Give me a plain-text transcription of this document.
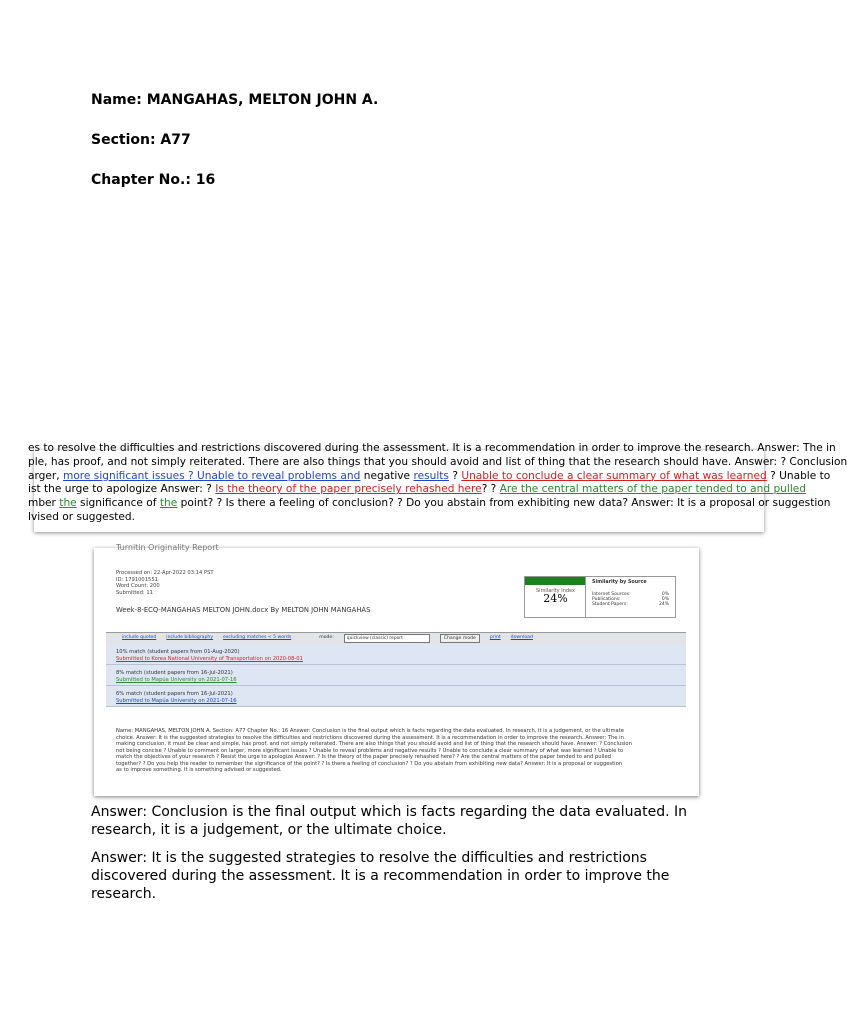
Name: MANGAHAS, MELTON JOHN A.

Section: A77

Chapter No.: 16

es to resolve the difficulties and restrictions discovered during the assessment. It is a recommendation in order to improve the research. Answer: The in
ple, has proof, and not simply reiterated. There are also things that you should avoid and list of thing that the research should have. Answer: ? Conclusion
arger, more significant issues ? Unable to reveal problems and negative results ? Unable to conclude a clear summary of what was learned ? Unable to
ist the urge to apologize Answer: ? Is the theory of the paper precisely rehashed here? ? Are the central matters of the paper tended to and pulled
mber the significance of the point? ? Is there a feeling of conclusion? ? Do you abstain from exhibiting new data? Answer: It is a proposal or suggestion
lvised or suggested.
Turnitin Originality Report
Processed on: 22-Apr-2022 03:14 PST
ID: 1791001551
Word Count: 200
Submitted: 11
Week-8-ECQ-MANGAHAS MELTON JOHN.docx By MELTON JOHN MANGAHAS
Similarity Index
24%
Similarity by Source
Internet Sources:	0%
Publications:	0%
Student Papers:	24%
include quoted include bibliography excluding matches < 5 words	mode:	quickview (classic) report	Change mode	print download
10% match (student papers from 01-Aug-2020)
Submitted to Korea National University of Transportation on 2020-08-01
8% match (student papers from 16-Jul-2021)
Submitted to Mapúa University on 2021-07-16
6% match (student papers from 16-Jul-2021)
Submitted to Mapúa University on 2021-07-16
Name: MANGAHAS, MELTON JOHN A. Section: A77 Chapter No.: 16 Answer: Conclusion is the final output which is facts regarding the data evaluated. In research, it is a judgement, or the ultimate
choice. Answer: It is the suggested strategies to resolve the difficulties and restrictions discovered during the assessment. It is a recommendation in order to improve the research. Answer: The in
making conclusion, it must be clear and simple, has proof, and not simply reiterated. There are also things that you should avoid and list of thing that the research should have. Answer: ? Conclusion
not being concise ? Unable to comment on larger, more significant issues ? Unable to reveal problems and negative results ? Unable to conclude a clear summary of what was learned ? Unable to
match the objectives of your research ? Resist the urge to apologize Answer: ? Is the theory of the paper precisely rehashed here? ? Are the central matters of the paper tended to and pulled
together? ? Do you help the reader to remember the significance of the point? ? Is there a feeling of conclusion? ? Do you abstain from exhibiting new data? Answer: It is a proposal or suggestion
as to improve something. It is something advised or suggested.

Answer: Conclusion is the final output which is facts regarding the data evaluated. In research, it is a judgement, or the ultimate choice.

Answer: It is the suggested strategies to resolve the difficulties and restrictions discovered during the assessment. It is a recommendation in order to improve the research.
